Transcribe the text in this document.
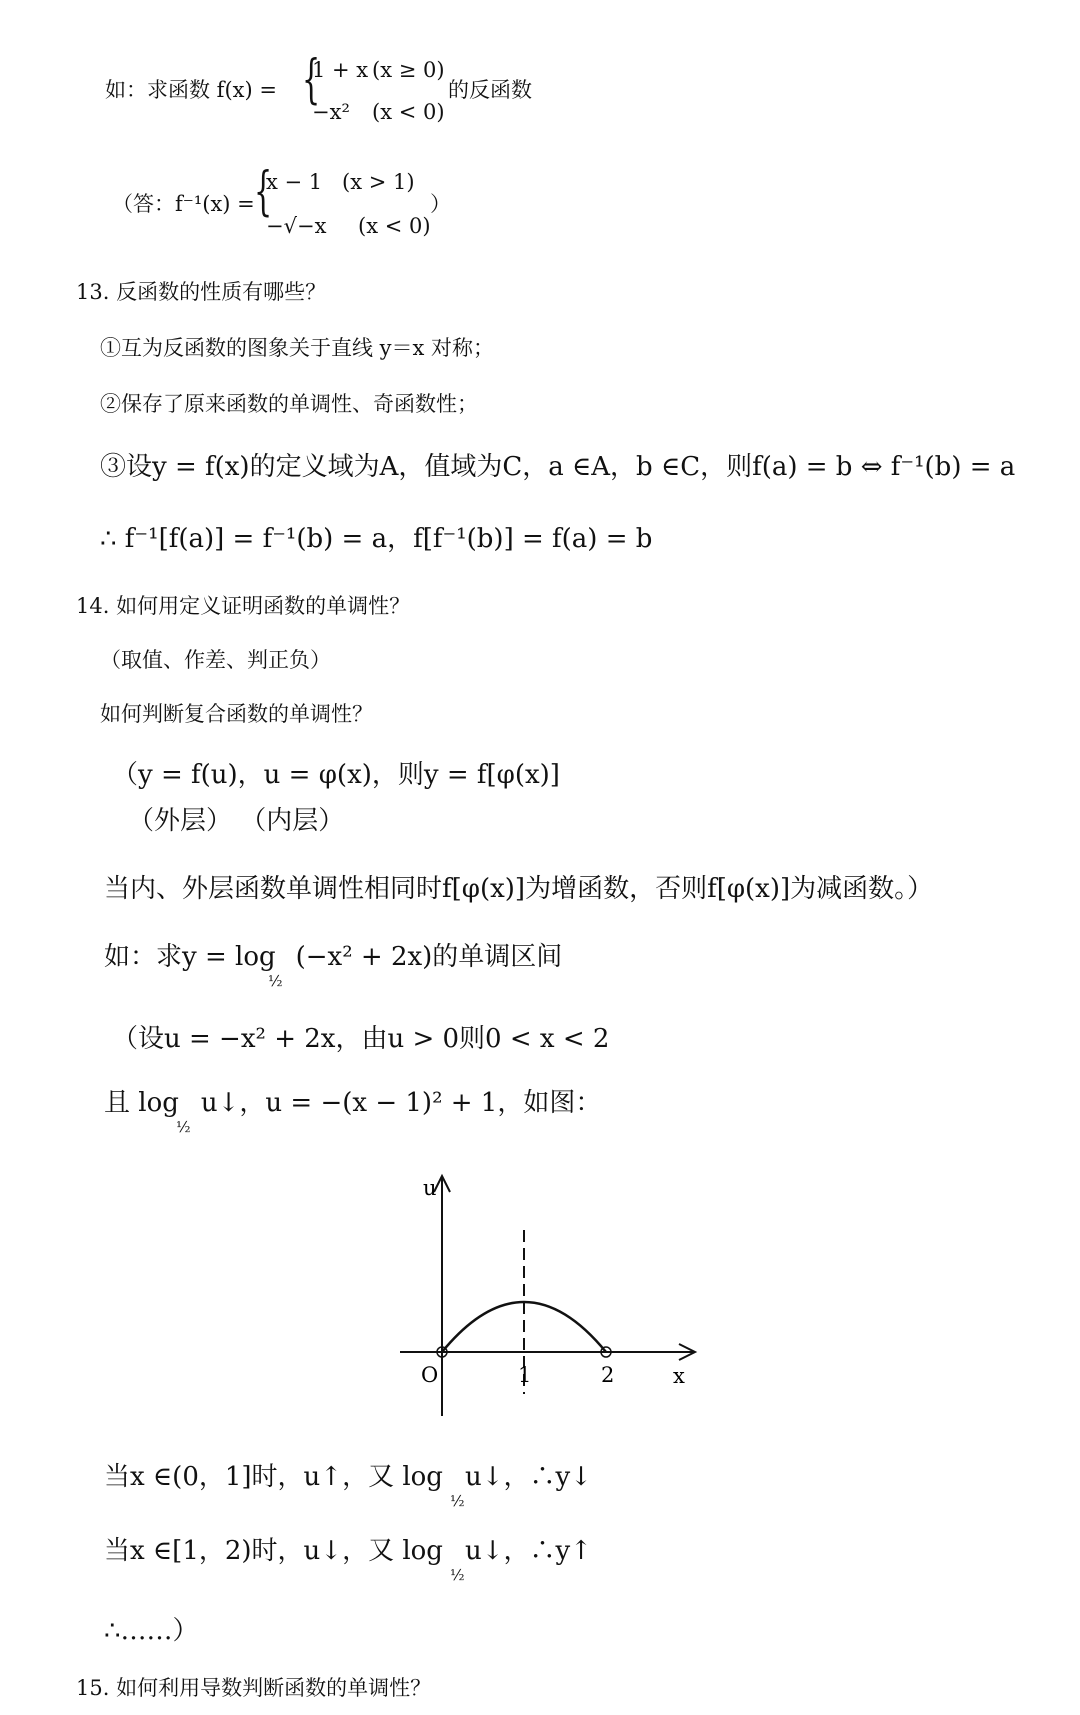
如：求函数 f(x) = {
1 + x (x ≥ 0)
−x² (x < 0)
的反函数
（答：f⁻¹(x) = {
x − 1 (x > 1)
−√−x (x < 0)
）
13. 反函数的性质有哪些？
①互为反函数的图象关于直线 y＝x 对称；
②保存了原来函数的单调性、奇函数性；
③设y = f(x)的定义域为A，值域为C，a ∈A，b ∈C，则f(a) = b ⇔ f⁻¹(b) = a
∴ f⁻¹[f(a)] = f⁻¹(b) = a，f[f⁻¹(b)] = f(a) = b
14. 如何用定义证明函数的单调性？
（取值、作差、判正负）
如何判断复合函数的单调性？
（y = f(u)，u = φ(x)，则y = f[φ(x)]
（外层） （内层）
当内、外层函数单调性相同时f[φ(x)]为增函数，否则f[φ(x)]为减函数。）
如：求y = log (−x² + 2x)的单调区间
½
（设u = −x² + 2x，由u > 0则0 < x < 2
且 log u↓，u = −(x − 1)² + 1，如图：
½
u
x
O	1	2
当x ∈(0，1]时，u↑，又 log u↓，∴y↓
½
当x ∈[1，2)时，u↓，又 log u↓，∴y↑
½
∴……）
15. 如何利用导数判断函数的单调性？
